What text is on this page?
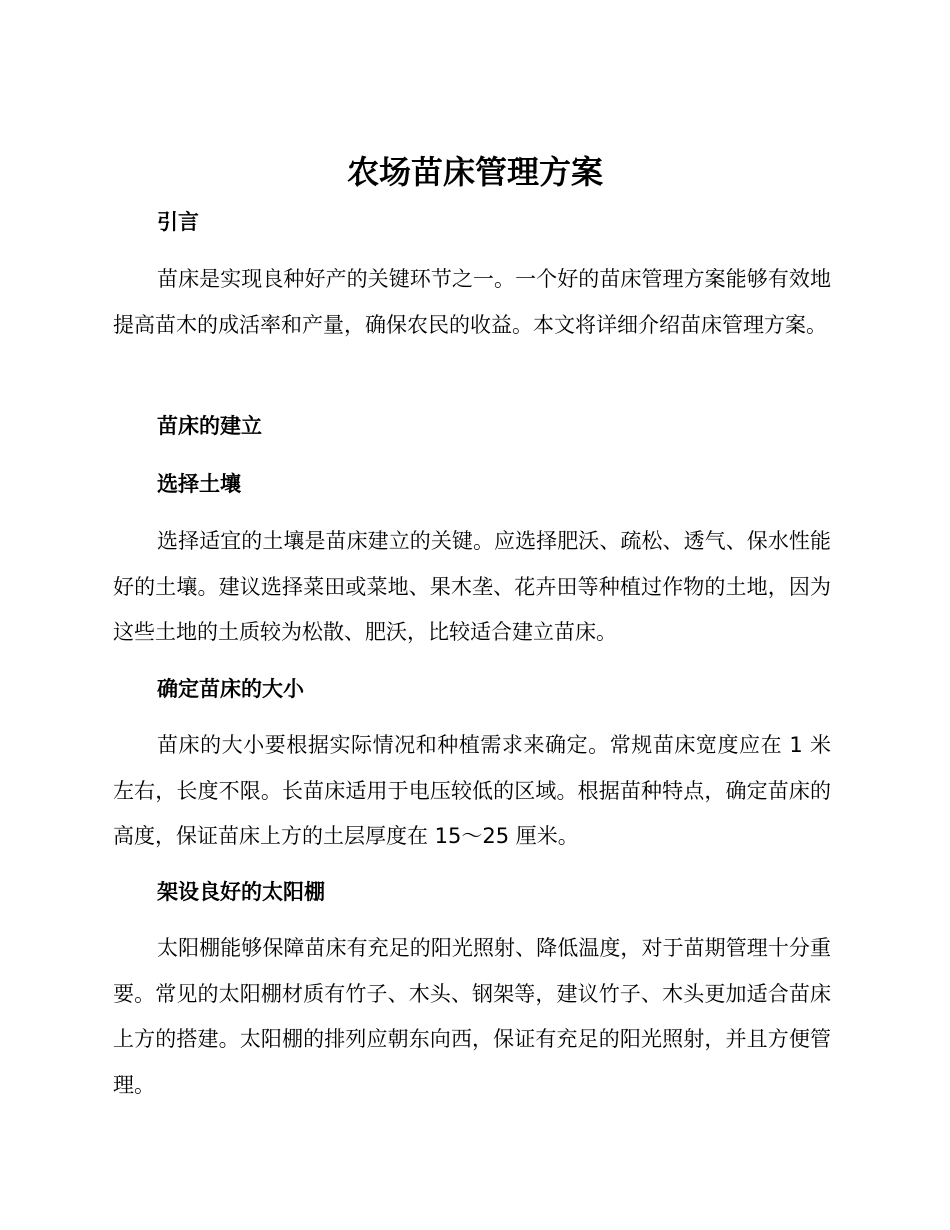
农场苗床管理方案
引言

苗床是实现良种好产的关键环节之一。一个好的苗床管理方案能够有效地提高苗木的成活率和产量，确保农民的收益。本文将详细介绍苗床管理方案。

苗床的建立
选择土壤

选择适宜的土壤是苗床建立的关键。应选择肥沃、疏松、透气、保水性能好的土壤。建议选择菜田或菜地、果木垄、花卉田等种植过作物的土地，因为这些土地的土质较为松散、肥沃，比较适合建立苗床。

确定苗床的大小

苗床的大小要根据实际情况和种植需求来确定。常规苗床宽度应在 1 米左右，长度不限。长苗床适用于电压较低的区域。根据苗种特点，确定苗床的高度，保证苗床上方的土层厚度在 15～25 厘米。

架设良好的太阳棚

太阳棚能够保障苗床有充足的阳光照射、降低温度，对于苗期管理十分重要。常见的太阳棚材质有竹子、木头、钢架等，建议竹子、木头更加适合苗床上方的搭建。太阳棚的排列应朝东向西，保证有充足的阳光照射，并且方便管理。
